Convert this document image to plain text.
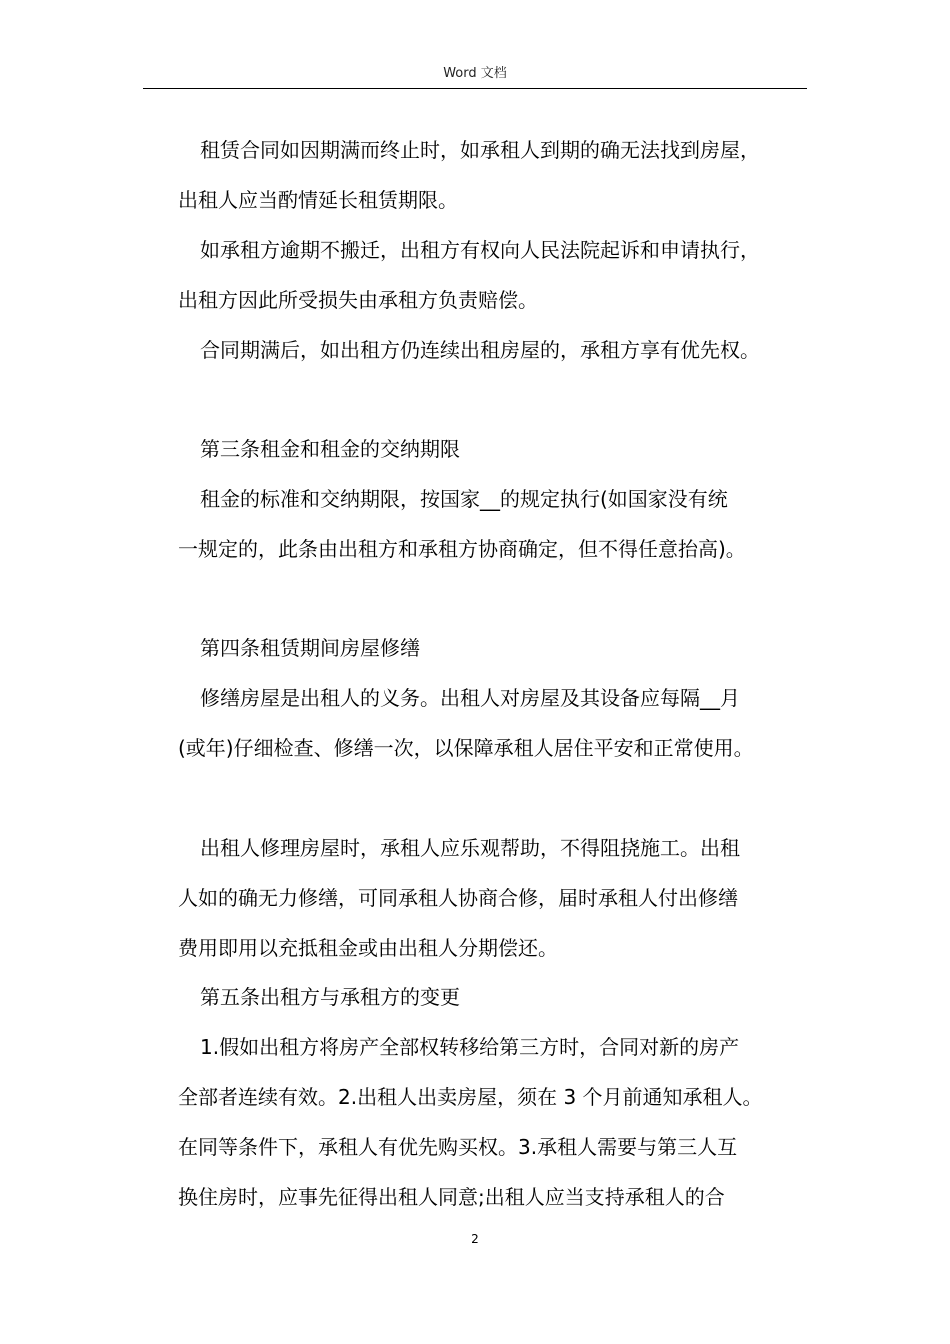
Word 文档
租赁合同如因期满而终止时，如承租人到期的确无法找到房屋，
出租人应当酌情延长租赁期限。
如承租方逾期不搬迁，出租方有权向人民法院起诉和申请执行，
出租方因此所受损失由承租方负责赔偿。
合同期满后，如出租方仍连续出租房屋的，承租方享有优先权。
第三条租金和租金的交纳期限
租金的标准和交纳期限，按国家__的规定执行(如国家没有统
一规定的，此条由出租方和承租方协商确定，但不得任意抬高)。
第四条租赁期间房屋修缮
修缮房屋是出租人的义务。出租人对房屋及其设备应每隔__月
(或年)仔细检查、修缮一次，以保障承租人居住平安和正常使用。
出租人修理房屋时，承租人应乐观帮助，不得阻挠施工。出租
人如的确无力修缮，可同承租人协商合修，届时承租人付出修缮
费用即用以充抵租金或由出租人分期偿还。
第五条出租方与承租方的变更
1.假如出租方将房产全部权转移给第三方时，合同对新的房产
全部者连续有效。2.出租人出卖房屋，须在 3 个月前通知承租人。
在同等条件下，承租人有优先购买权。3.承租人需要与第三人互
换住房时，应事先征得出租人同意;出租人应当支持承租人的合
2
